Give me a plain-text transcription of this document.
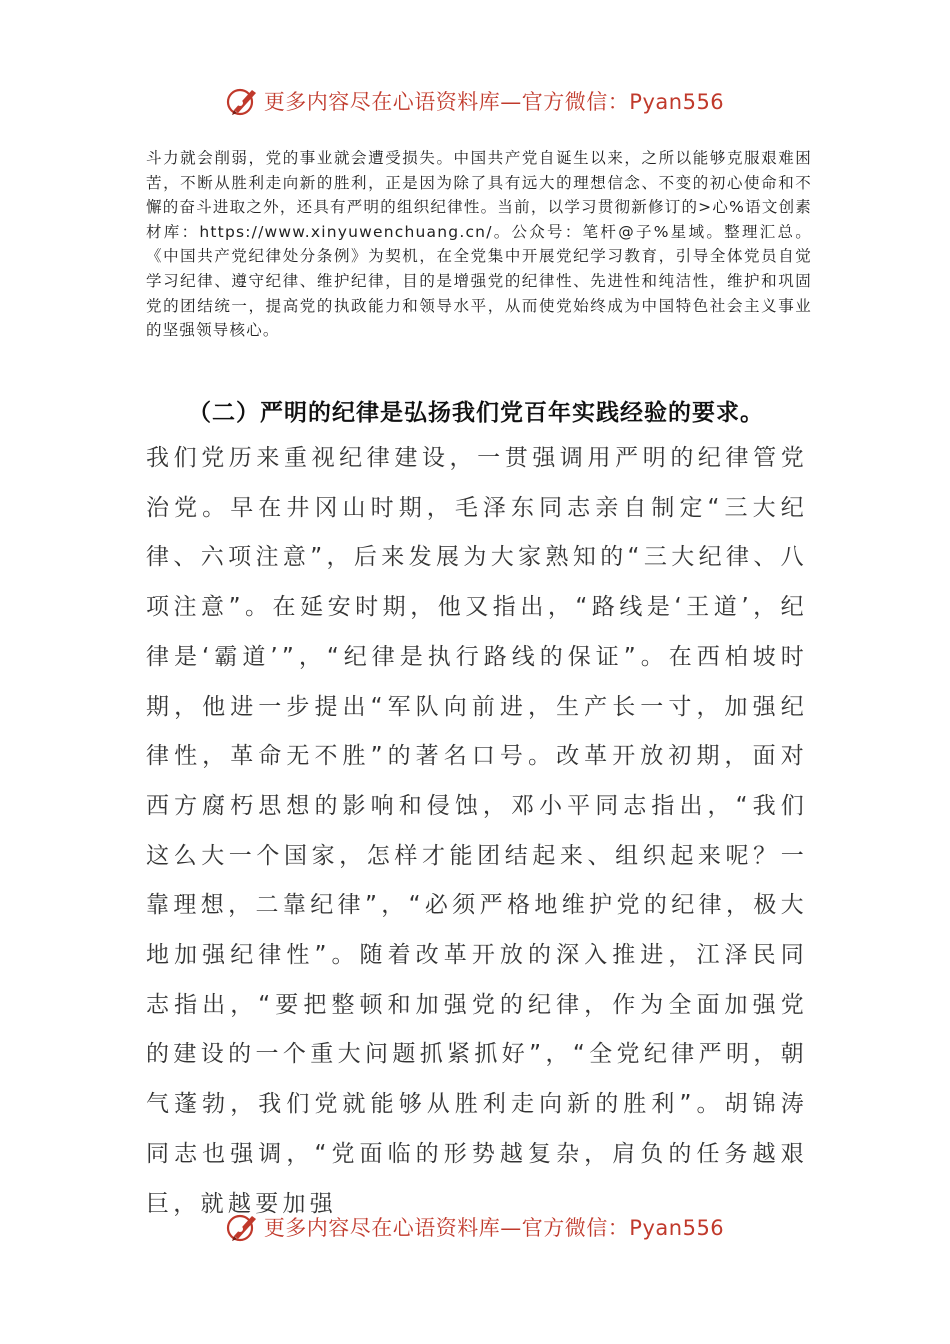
更多内容尽在心语资料库—官方微信：Pyan556
斗力就会削弱，党的事业就会遭受损失。中国共产党自诞生以来，之所以能够克服艰难困苦，不断从胜利走向新的胜利，正是因为除了具有远大的理想信念、不变的初心使命和不懈的奋斗进取之外，还具有严明的组织纪律性。当前，以学习贯彻新修订的>心%语文创素材库：https://www.xinyuwenchuang.cn/。公众号：笔杆@子%星域。整理汇总。《中国共产党纪律处分条例》为契机，在全党集中开展党纪学习教育，引导全体党员自觉学习纪律、遵守纪律、维护纪律，目的是增强党的纪律性、先进性和纯洁性，维护和巩固党的团结统一，提高党的执政能力和领导水平，从而使党始终成为中国特色社会主义事业的坚强领导核心。
（二）严明的纪律是弘扬我们党百年实践经验的要求。
我们党历来重视纪律建设，一贯强调用严明的纪律管党治党。早在井冈山时期，毛泽东同志亲自制定“三大纪律、六项注意”，后来发展为大家熟知的“三大纪律、八项注意”。在延安时期，他又指出，“路线是‘王道’，纪律是‘霸道’”，“纪律是执行路线的保证”。在西柏坡时期，他进一步提出“军队向前进，生产长一寸，加强纪律性，革命无不胜”的著名口号。改革开放初期，面对西方腐朽思想的影响和侵蚀，邓小平同志指出，“我们这么大一个国家，怎样才能团结起来、组织起来呢？一靠理想，二靠纪律”，“必须严格地维护党的纪律，极大地加强纪律性”。随着改革开放的深入推进，江泽民同志指出，“要把整顿和加强党的纪律，作为全面加强党的建设的一个重大问题抓紧抓好”，“全党纪律严明，朝气蓬勃，我们党就能够从胜利走向新的胜利”。胡锦涛同志也强调，“党面临的形势越复杂，肩负的任务越艰巨，就越要加强
更多内容尽在心语资料库—官方微信：Pyan556
